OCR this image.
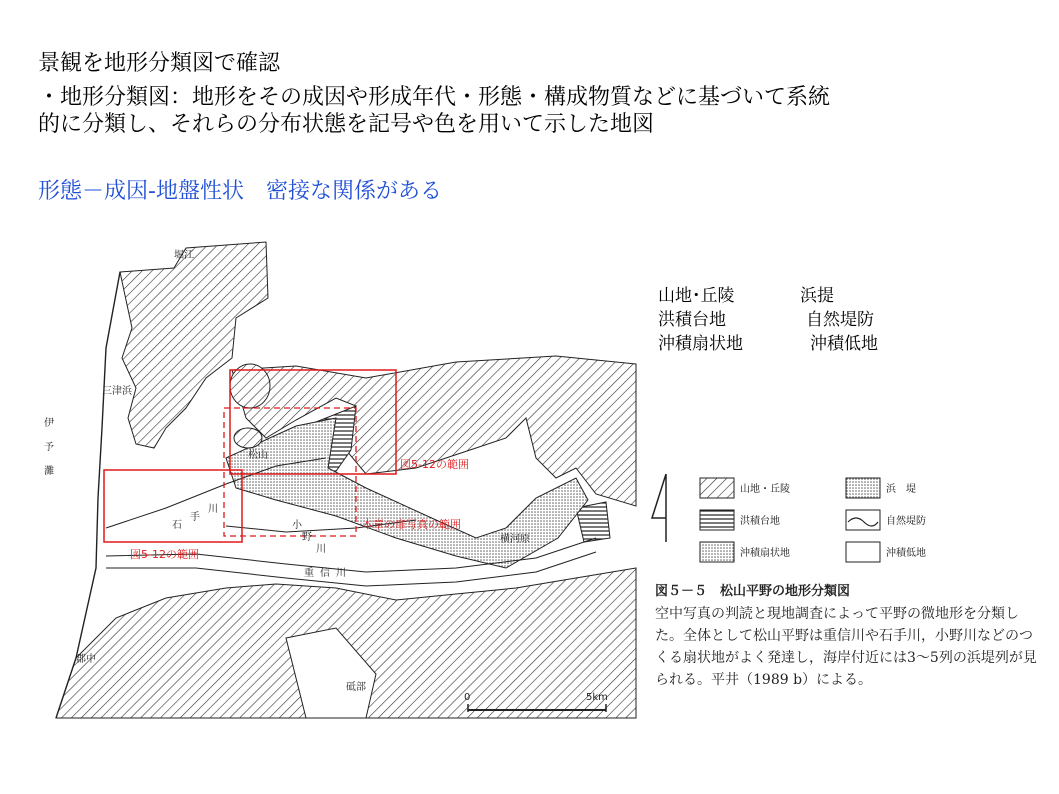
景観を地形分類図で確認
・地形分類図：地形をその成因や形成年代・形態・構成物質などに基づいて系統
的に分類し、それらの分布状態を記号や色を用いて示した地図
形態－成因-地盤性状　密接な関係がある
山地･丘陵	浜提
洪積台地	自然堤防
沖積扇状地	沖積低地
堀江
三津浜
伊
予
灘
松山
石
手
川
小
野
川
重 信 川
横河原
郡中
砥部
図5-12の範囲
図5-12の範囲
本章の扉写真の範囲
0	5km
山地・丘陵	浜　堤
洪積台地	自然堤防
沖積扇状地	沖積低地
図５－５　松山平野の地形分類図
空中写真の判読と現地調査によって平野の微地形を分類した。全体として松山平野は重信川や石手川，小野川などのつくる扇状地がよく発達し，海岸付近には3～5列の浜堤列が見られる。平井（1989 b）による。
